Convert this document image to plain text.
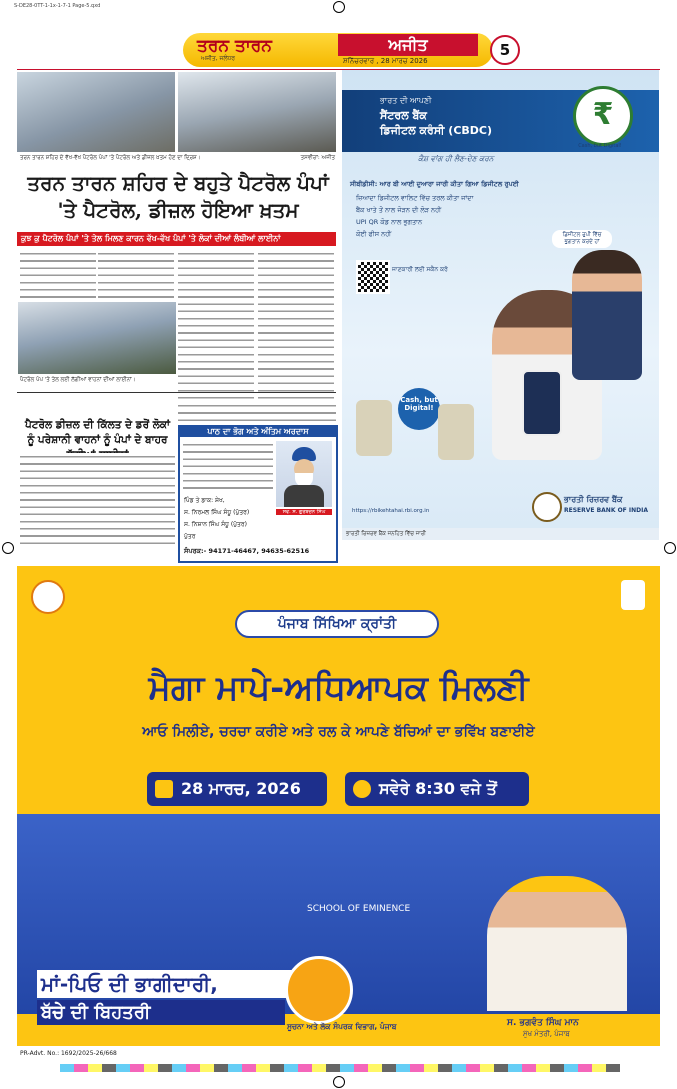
S-DE28-0TT-1-1x-1-7-1 Page-5.qxd
ਤਰਨ ਤਾਰਨ
ਅਜੀਤ, ਜਲੰਧਰ
ਅਜੀਤ
ਸ਼ਨਿੱਚਰਵਾਰ , 28 ਮਾਰਚ 2026
5
ਤਰਨ ਤਾਰਨ ਸ਼ਹਿਰ ਦੇ ਵੱਖ-ਵੱਖ ਪੈਟਰੋਲ ਪੰਪਾਂ 'ਤੇ ਪੈਟਰੋਲ ਅਤੇ ਡੀਜ਼ਲ ਖ਼ਤਮ ਹੋਣ ਦਾ ਦ੍ਰਿਸ਼।	ਤਸਵੀਰਾਂ: ਅਜੀਤ
ਤਰਨ ਤਾਰਨ ਸ਼ਹਿਰ ਦੇ ਬਹੁਤੇ ਪੈਟਰੋਲ ਪੰਪਾਂ 'ਤੇ ਪੈਟਰੋਲ, ਡੀਜ਼ਲ ਹੋਇਆ ਖ਼ਤਮ
ਕੁਝ ਕੁ ਪੈਟਰੋਲ ਪੰਪਾਂ 'ਤੇ ਤੇਲ ਮਿਲਣ ਕਾਰਨ ਵੱਖ-ਵੱਖ ਪੰਪਾਂ 'ਤੇ ਲੋਕਾਂ ਦੀਆਂ ਲੰਬੀਆਂ ਲਾਈਨਾਂ
ਪੈਟਰੋਲ ਪੰਪ 'ਤੇ ਤੇਲ ਲਈ ਲੱਗੀਆਂ ਵਾਹਨਾਂ ਦੀਆਂ ਲਾਈਨਾਂ।
ਪੈਟਰੋਲ ਡੀਜ਼ਲ ਦੀ ਕਿੱਲਤ ਦੇ ਡਰੋਂ ਲੋਕਾਂ ਨੂੰ ਪਰੇਸ਼ਾਨੀ ਵਾਹਨਾਂ ਨੂੰ ਪੰਪਾਂ ਦੇ ਬਾਹਰ
ਪਾਠ ਦਾ ਭੋਗ ਅਤੇ ਅੰਤਿਮ ਅਰਦਾਸ
ਸਵ. ਸ. ਗੁਰਬਚਨ ਸਿੰਘ
ਪਿੰਡ ਤੇ ਡਾਕ: ਸ਼ੇਖ,
ਸ. ਨਿਰਮਲ ਸਿੰਘ ਸੰਧੂ (ਪੁੱਤਰ)
ਸ. ਨਿਸ਼ਾਨ ਸਿੰਘ ਸੰਧੂ (ਪੁੱਤਰ)
ਪੁੱਤਰ
ਸੰਪਰਕ:- 94171-46467, 94635-62516
ਭਾਰਤ ਦੀ ਆਪਣੀ
ਸੈਂਟਰਲ ਬੈਂਕ
ਡਿਜੀਟਲ ਕਰੰਸੀ (CBDC)
ਕੈਸ਼ ਵਾਂਗ ਹੀ ਲੈਣ-ਦੇਣ ਕਰਨ
₹
Cash, but Digital!
ਸੀਬੀਡੀਸੀ: ਆਰ ਬੀ ਆਈ ਦੁਆਰਾ ਜਾਰੀ ਕੀਤਾ ਗਿਆ ਡਿਜੀਟਲ ਰੁਪਈ
ਜ਼ਿਆਦਾ ਡਿਜੀਟਲ ਵਾਲਿਟ ਵਿੱਚ ਤਰਲ ਕੀਤਾ ਜਾਂਦਾ
ਬੈਂਕ ਖਾਤੇ ਤੋਂ ਨਾਲ ਜੋੜਨ ਦੀ ਲੋੜ ਨਹੀਂ
UPI QR ਕੋਡ ਨਾਲ ਭੁਗਤਾਨ
ਕੋਈ ਫੀਸ ਨਹੀਂ
ਜਾਣਕਾਰੀ ਲਈ ਸਕੈਨ ਕਰੋ
ਡਿਜੀਟਲ ਰੁਪੀ ਵਿੱਚ ਭੁਗਤਾਨ ਕਰਦੇ ਹਾਂ
Cash, but Digital!
ਭਾਰਤੀ ਰਿਜ਼ਰਵ ਬੈਂਕ
RESERVE BANK OF INDIA
https://rbikehtahai.rbi.org.in
ਭਾਰਤੀ ਰਿਜ਼ਰਵ ਬੈਂਕ ਜਨਹਿਤ ਵਿੱਚ ਜਾਰੀ
ਪੰਜਾਬ ਸਿੱਖਿਆ ਕ੍ਰਾਂਤੀ
ਮੈਗਾ ਮਾਪੇ-ਅਧਿਆਪਕ ਮਿਲਣੀ
ਆਓ ਮਿਲੀਏ, ਚਰਚਾ ਕਰੀਏ ਅਤੇ ਰਲ ਕੇ ਆਪਣੇ ਬੱਚਿਆਂ ਦਾ ਭਵਿੱਖ ਬਣਾਈਏ
28 ਮਾਰਚ, 2026	ਸਵੇਰੇ 8:30 ਵਜੇ ਤੋਂ
SCHOOL OF EMINENCE
ਮਾਂ-ਪਿਓ ਦੀ ਭਾਗੀਦਾਰੀ,
ਬੱਚੇ ਦੀ ਬਿਹਤਰੀ	ਸ. ਭਗਵੰਤ ਸਿੰਘ ਮਾਨ
ਮੁੱਖ ਮੰਤਰੀ, ਪੰਜਾਬ
ਸੂਚਨਾ ਅਤੇ ਲੋਕ ਸੰਪਰਕ ਵਿਭਾਗ, ਪੰਜਾਬ
PR-Advt. No.: 1692/2025-26/668
